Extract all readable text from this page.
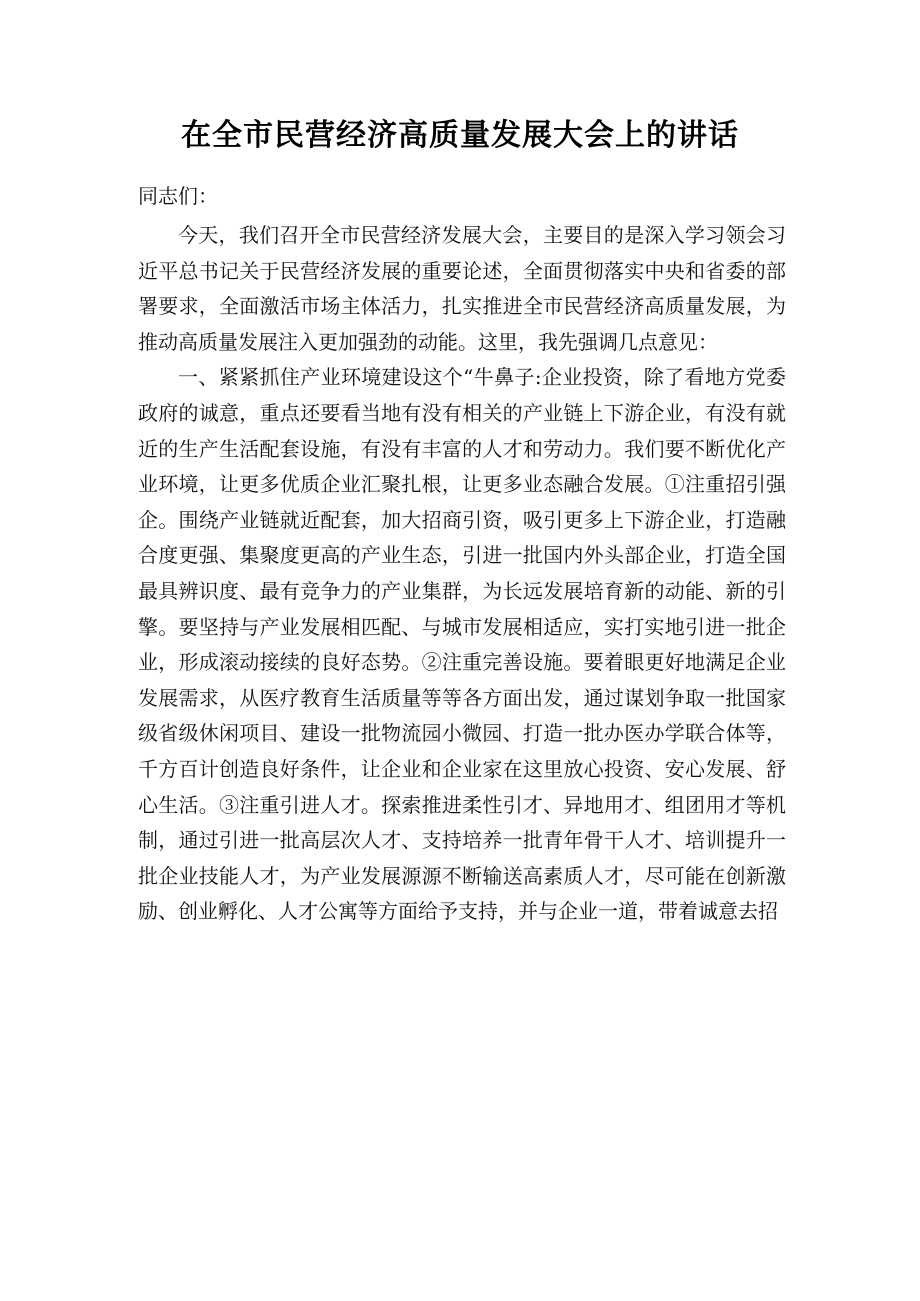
在全市民营经济高质量发展大会上的讲话
同志们：

今天，我们召开全市民营经济发展大会，主要目的是深入学习领会习近平总书记关于民营经济发展的重要论述，全面贯彻落实中央和省委的部署要求，全面激活市场主体活力，扎实推进全市民营经济高质量发展，为推动高质量发展注入更加强劲的动能。这里，我先强调几点意见：

一、紧紧抓住产业环境建设这个“牛鼻子:企业投资，除了看地方党委政府的诚意，重点还要看当地有没有相关的产业链上下游企业，有没有就近的生产生活配套设施，有没有丰富的人才和劳动力。我们要不断优化产业环境，让更多优质企业汇聚扎根，让更多业态融合发展。①注重招引强企。围绕产业链就近配套，加大招商引资，吸引更多上下游企业，打造融合度更强、集聚度更高的产业生态，引进一批国内外头部企业，打造全国最具辨识度、最有竞争力的产业集群，为长远发展培育新的动能、新的引擎。要坚持与产业发展相匹配、与城市发展相适应，实打实地引进一批企业，形成滚动接续的良好态势。②注重完善设施。要着眼更好地满足企业发展需求，从医疗教育生活质量等等各方面出发，通过谋划争取一批国家级省级休闲项目、建设一批物流园小微园、打造一批办医办学联合体等，千方百计创造良好条件，让企业和企业家在这里放心投资、安心发展、舒心生活。③注重引进人才。探索推进柔性引才、异地用才、组团用才等机制，通过引进一批高层次人才、支持培养一批青年骨干人才、培训提升一批企业技能人才，为产业发展源源不断输送高素质人才，尽可能在创新激励、创业孵化、人才公寓等方面给予支持，并与企业一道，带着诚意去招
